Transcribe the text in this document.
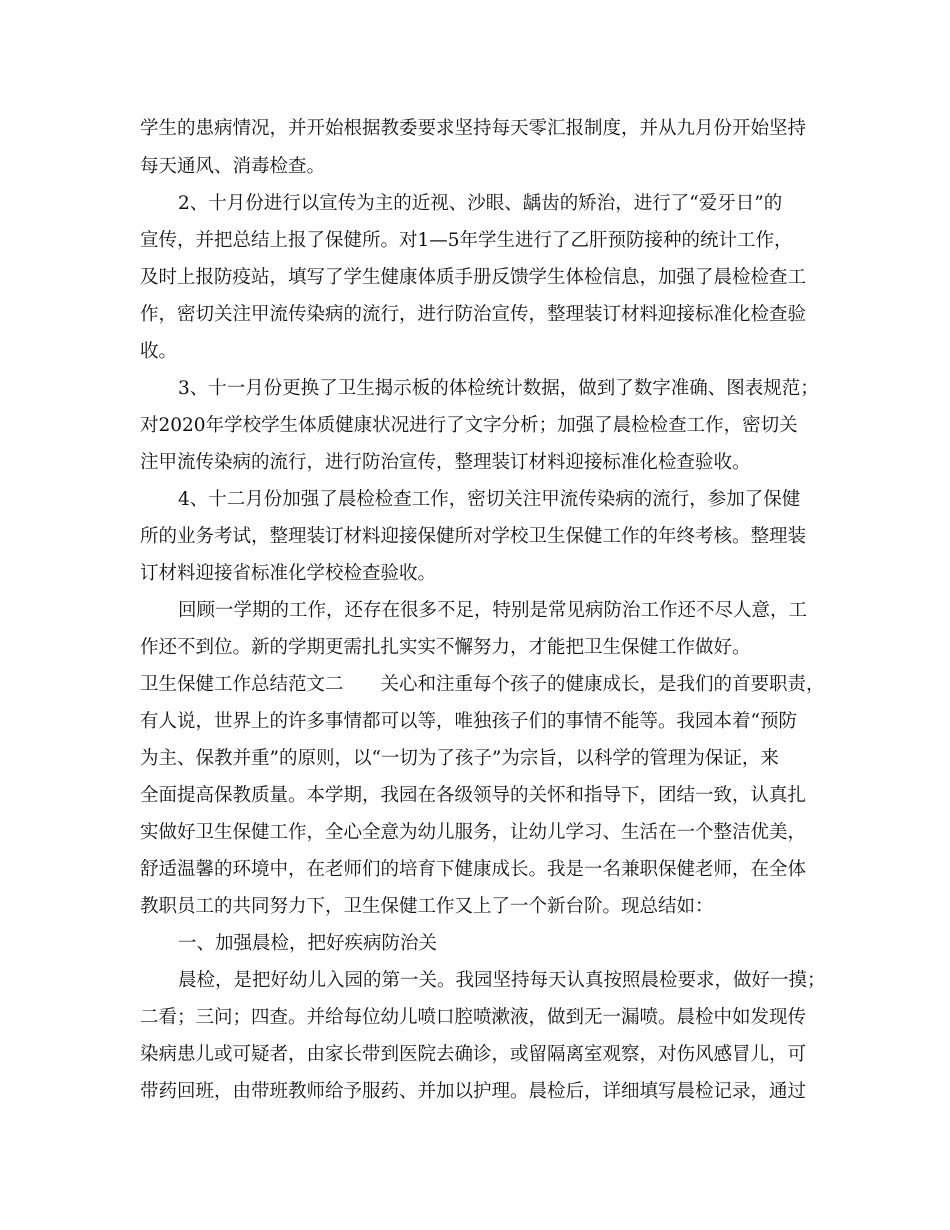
学生的患病情况，并开始根据教委要求坚持每天零汇报制度，并从九月份开始坚持
每天通风、消毒检查。
2、十月份进行以宣传为主的近视、沙眼、龋齿的矫治，进行了“爱牙日”的
宣传，并把总结上报了保健所。对1—5年学生进行了乙肝预防接种的统计工作，
及时上报防疫站，填写了学生健康体质手册反馈学生体检信息，加强了晨检检查工
作，密切关注甲流传染病的流行，进行防治宣传，整理装订材料迎接标准化检查验
收。
3、十一月份更换了卫生揭示板的体检统计数据，做到了数字准确、图表规范；
对2020年学校学生体质健康状况进行了文字分析；加强了晨检检查工作，密切关
注甲流传染病的流行，进行防治宣传，整理装订材料迎接标准化检查验收。
4、十二月份加强了晨检检查工作，密切关注甲流传染病的流行，参加了保健
所的业务考试，整理装订材料迎接保健所对学校卫生保健工作的年终考核。整理装
订材料迎接省标准化学校检查验收。
回顾一学期的工作，还存在很多不足，特别是常见病防治工作还不尽人意，工
作还不到位。新的学期更需扎扎实实不懈努力，才能把卫生保健工作做好。
卫生保健工作总结范文二　　关心和注重每个孩子的健康成长，是我们的首要职责，
有人说，世界上的许多事情都可以等，唯独孩子们的事情不能等。我园本着“预防
为主、保教并重”的原则，以“一切为了孩子”为宗旨，以科学的管理为保证，来
全面提高保教质量。本学期，我园在各级领导的关怀和指导下，团结一致，认真扎
实做好卫生保健工作，全心全意为幼儿服务，让幼儿学习、生活在一个整洁优美，
舒适温馨的环境中，在老师们的培育下健康成长。我是一名兼职保健老师，在全体
教职员工的共同努力下，卫生保健工作又上了一个新台阶。现总结如：
一、加强晨检，把好疾病防治关
晨检，是把好幼儿入园的第一关。我园坚持每天认真按照晨检要求，做好一摸；
二看；三问；四查。并给每位幼儿喷口腔喷漱液，做到无一漏喷。晨检中如发现传
染病患儿或可疑者，由家长带到医院去确诊，或留隔离室观察，对伤风感冒儿，可
带药回班，由带班教师给予服药、并加以护理。晨检后，详细填写晨检记录，通过
